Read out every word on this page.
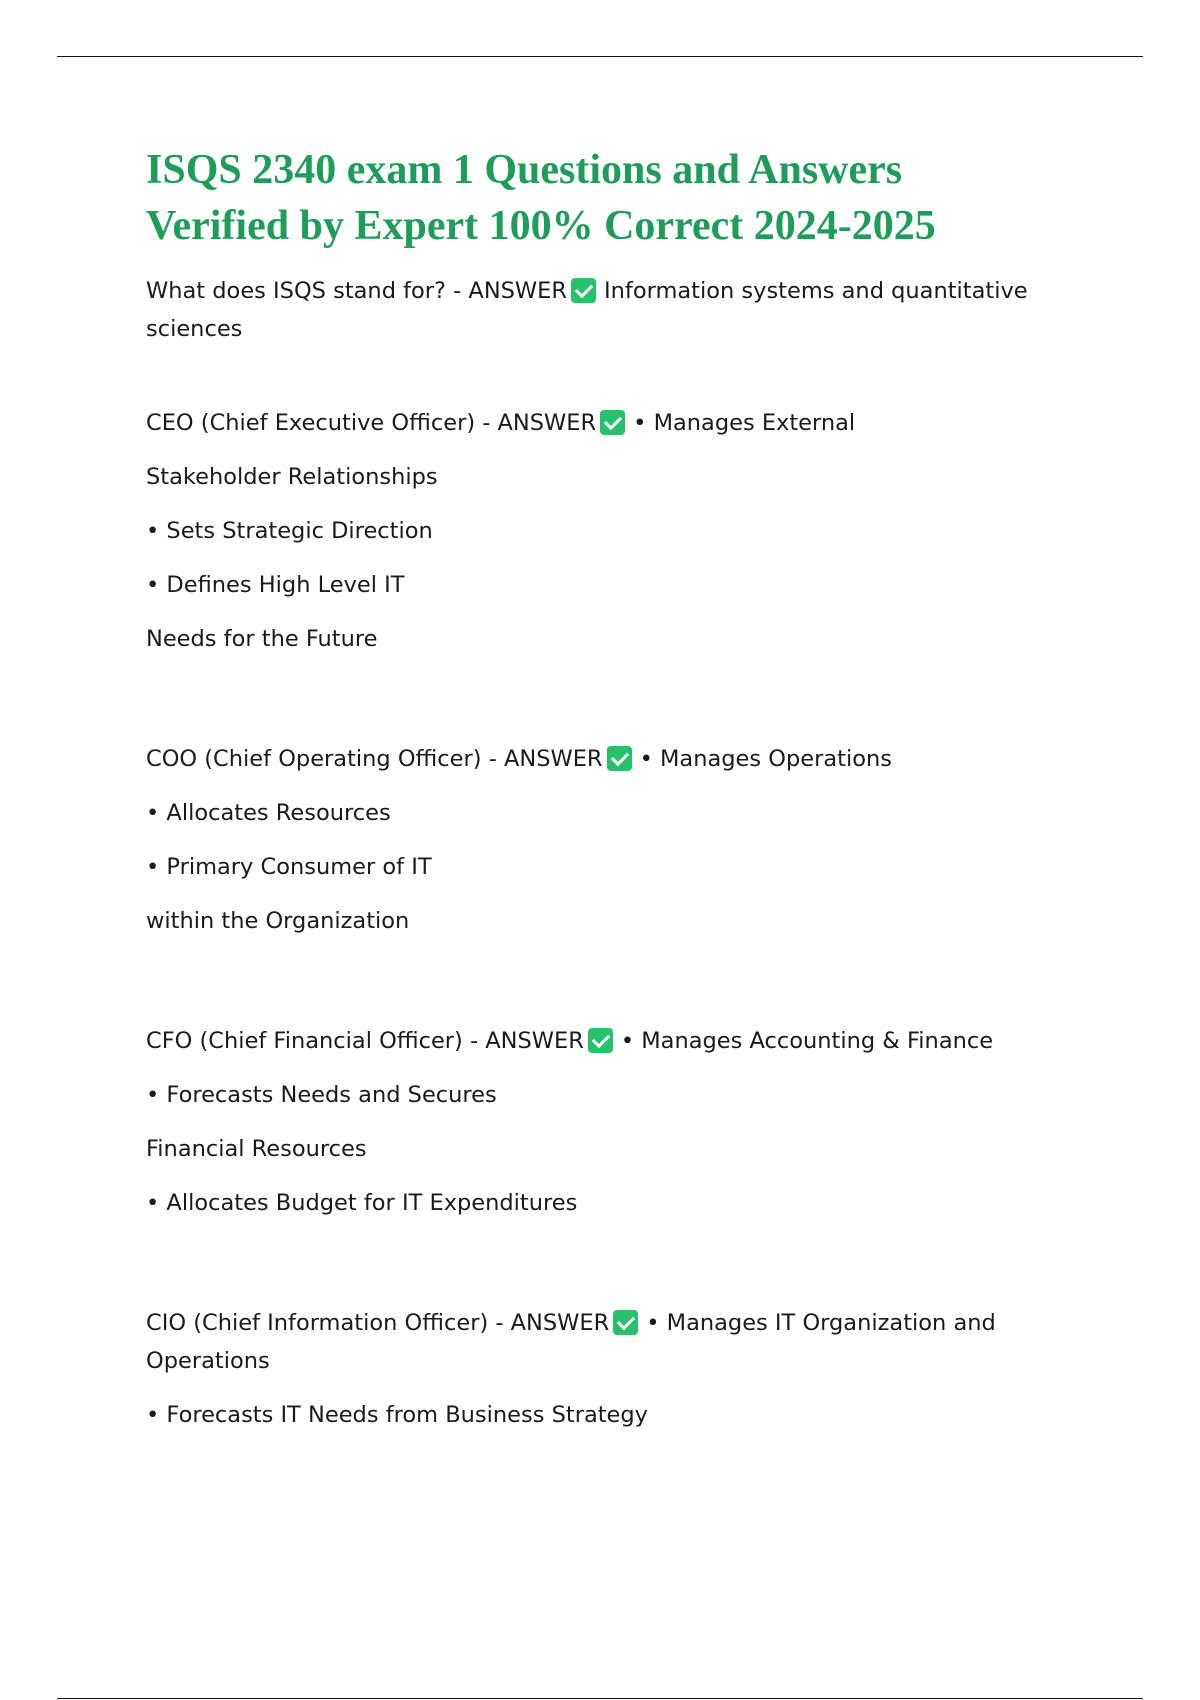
ISQS 2340 exam 1 Questions and Answers
Verified by Expert 100% Correct 2024-2025
What does ISQS stand for? - ANSWER Information systems and quantitative
sciences
CEO (Chief Executive Officer) - ANSWER • Manages External
Stakeholder Relationships
• Sets Strategic Direction
• Defines High Level IT
Needs for the Future
COO (Chief Operating Officer) - ANSWER • Manages Operations
• Allocates Resources
• Primary Consumer of IT
within the Organization
CFO (Chief Financial Officer) - ANSWER • Manages Accounting & Finance
• Forecasts Needs and Secures
Financial Resources
• Allocates Budget for IT Expenditures
CIO (Chief Information Officer) - ANSWER • Manages IT Organization and
Operations
• Forecasts IT Needs from Business Strategy
